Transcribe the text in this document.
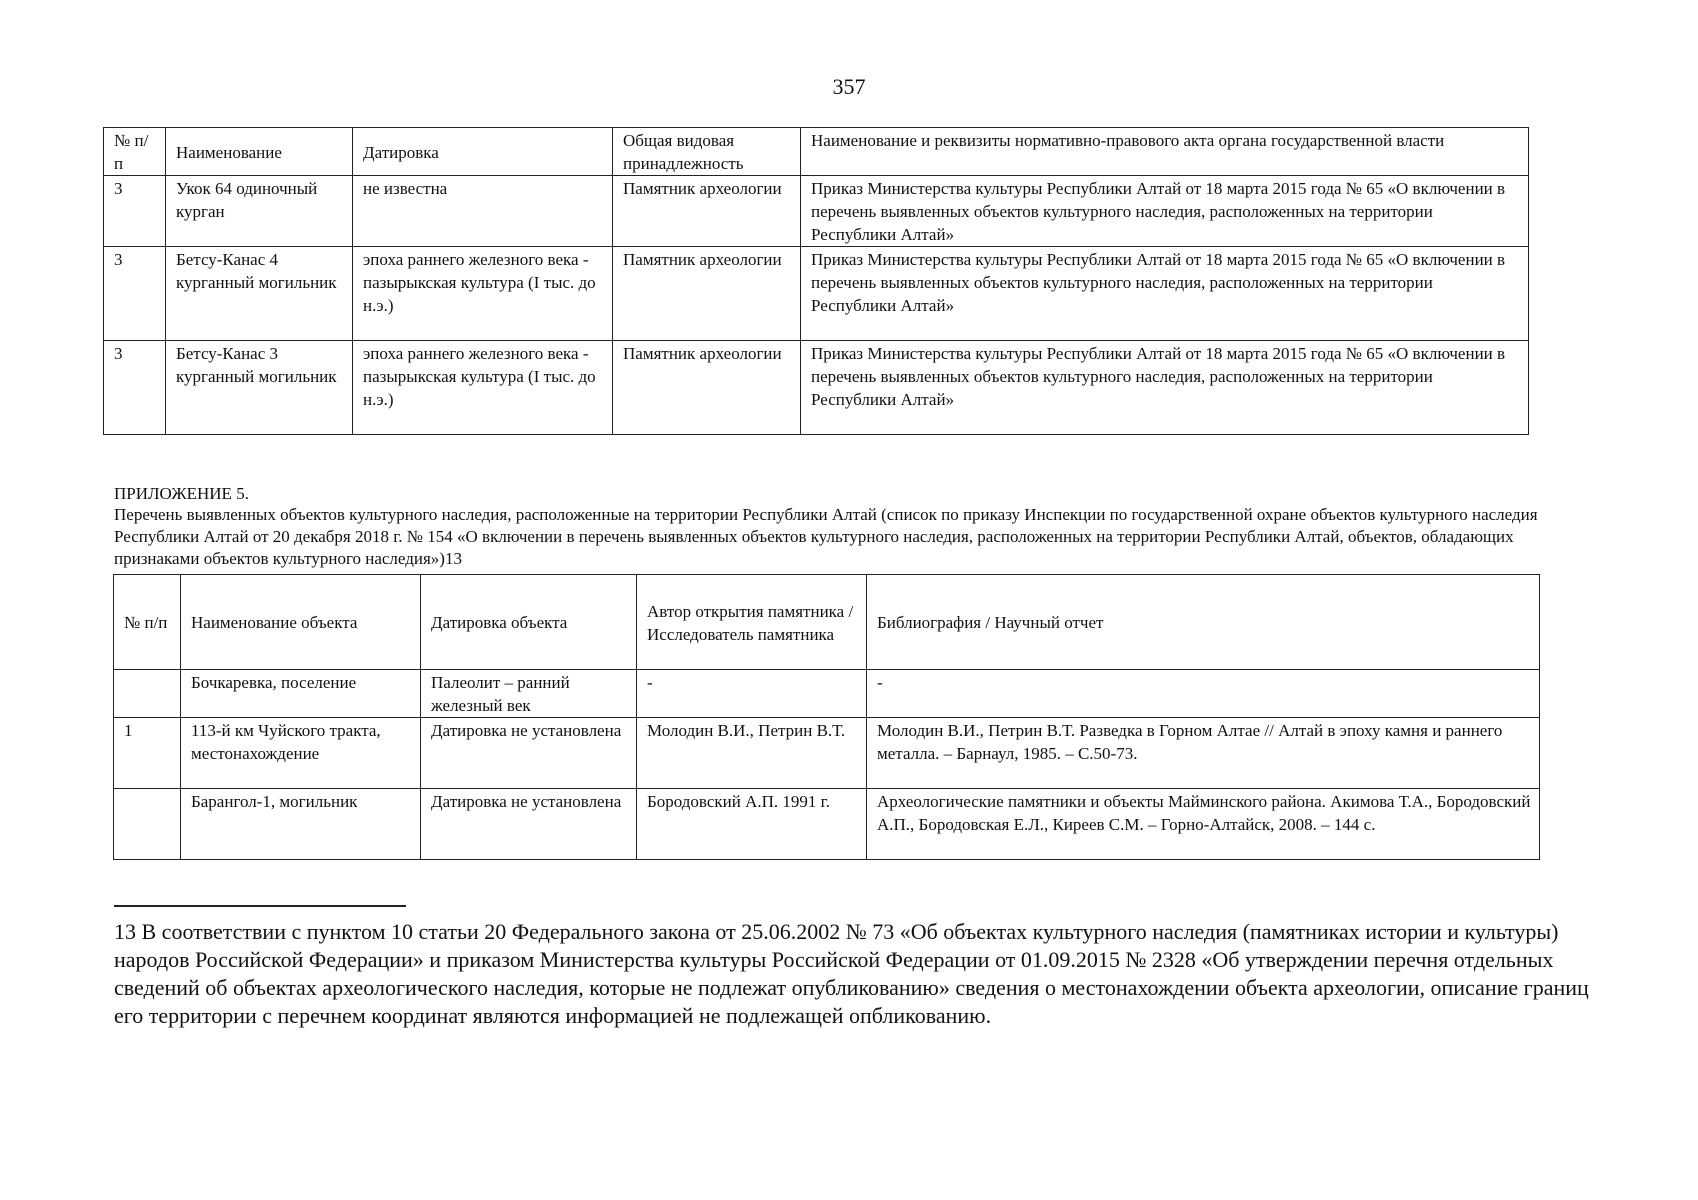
357
№ п/п	Наименование	Датировка	Общая видовая принадлежность	Наименование и реквизиты нормативно-правового акта органа государственной власти
3	Укок 64 одиночный курган	не известна	Памятник археологии	Приказ Министерства культуры Республики Алтай от 18 марта 2015 года № 65 «О включении в перечень выявленных объектов культурного наследия, расположенных на территории Республики Алтай»
3	Бетсу-Канас 4 курганный могильник	эпоха раннего железного века - пазырыкская культура (I тыс. до н.э.)	Памятник археологии	Приказ Министерства культуры Республики Алтай от 18 марта 2015 года № 65 «О включении в перечень выявленных объектов культурного наследия, расположенных на территории Республики Алтай»
3	Бетсу-Канас 3 курганный могильник	эпоха раннего железного века - пазырыкская культура (I тыс. до н.э.)	Памятник археологии	Приказ Министерства культуры Республики Алтай от 18 марта 2015 года № 65 «О включении в перечень выявленных объектов культурного наследия, расположенных на территории Республики Алтай»
ПРИЛОЖЕНИЕ 5.
Перечень выявленных объектов культурного наследия, расположенные на территории Республики Алтай (список по приказу Инспекции по государственной охране объектов культурного наследия Республики Алтай от 20 декабря 2018 г. № 154 «О включении в перечень выявленных объектов культурного наследия, расположенных на территории Республики Алтай, объектов, обладающих признаками объектов культурного наследия»)13
№ п/п	Наименование объекта	Датировка объекта	Автор открытия памятника / Исследователь памятника	Библиография / Научный отчет
	Бочкаревка, поселение	Палеолит – ранний железный век	-	-
1	113-й км Чуйского тракта, местонахождение	Датировка не установлена	Молодин В.И., Петрин В.Т.	Молодин В.И., Петрин В.Т. Разведка в Горном Алтае // Алтай в эпоху камня и раннего металла. – Барнаул, 1985. – С.50-73.
	Барангол-1, могильник	Датировка не установлена	Бородовский А.П. 1991 г.	Археологические памятники и объекты Майминского района. Акимова Т.А., Бородовский А.П., Бородовская Е.Л., Киреев С.М. – Горно-Алтайск, 2008. – 144 с.
13 В соответствии с пунктом 10 статьи 20 Федерального закона от 25.06.2002 № 73 «Об объектах культурного наследия (памятниках истории и культуры) народов Российской Федерации» и приказом Министерства культуры Российской Федерации от 01.09.2015 № 2328 «Об утверждении перечня отдельных сведений об объектах археологического наследия, которые не подлежат опубликованию» сведения о местонахождении объекта археологии, описание границ его территории с перечнем координат являются информацией не подлежащей опбликованию.
